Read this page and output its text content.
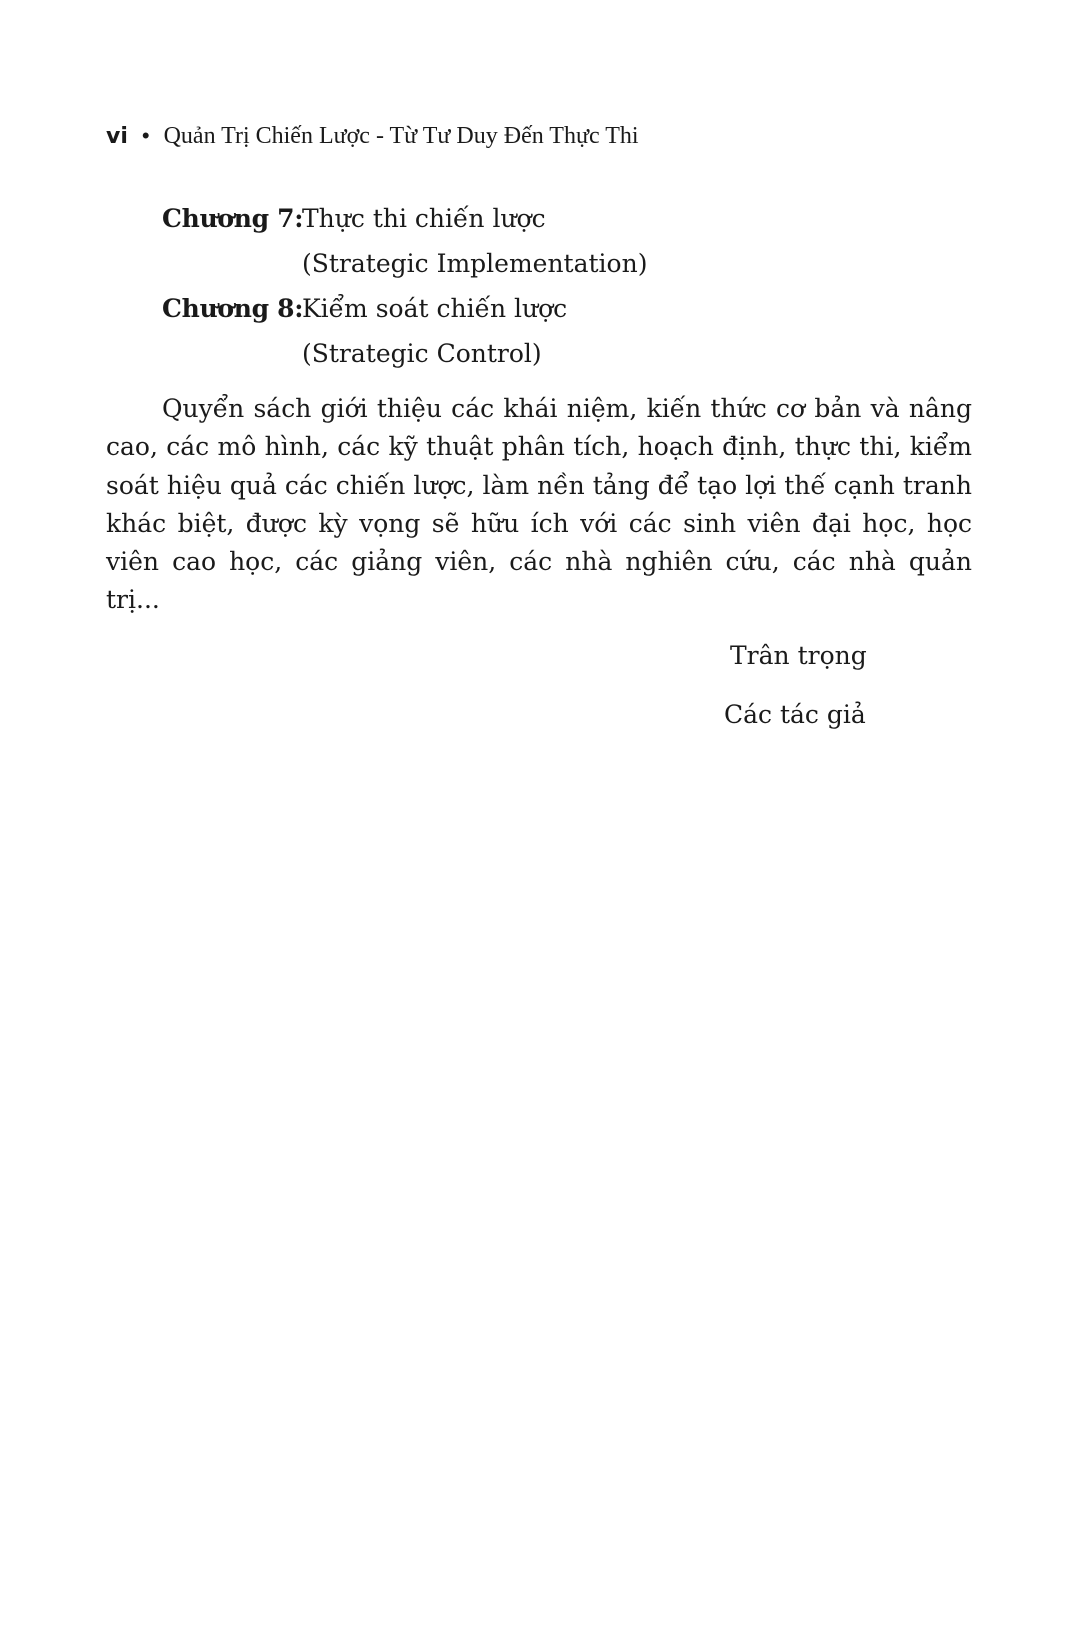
vi • Quản Trị Chiến Lược - Từ Tư Duy Đến Thực Thi
Chương 7:
Thực thi chiến lược
(Strategic Implementation)
Chương 8:
Kiểm soát chiến lược
(Strategic Control)

Quyển sách giới thiệu các khái niệm, kiến thức cơ bản và nâng cao, các mô hình, các kỹ thuật phân tích, hoạch định, thực thi, kiểm soát hiệu quả các chiến lược, làm nền tảng để tạo lợi thế cạnh tranh khác biệt, được kỳ vọng sẽ hữu ích với các sinh viên đại học, học viên cao học, các giảng viên, các nhà nghiên cứu, các nhà quản trị...

Trân trọng
Các tác giả
